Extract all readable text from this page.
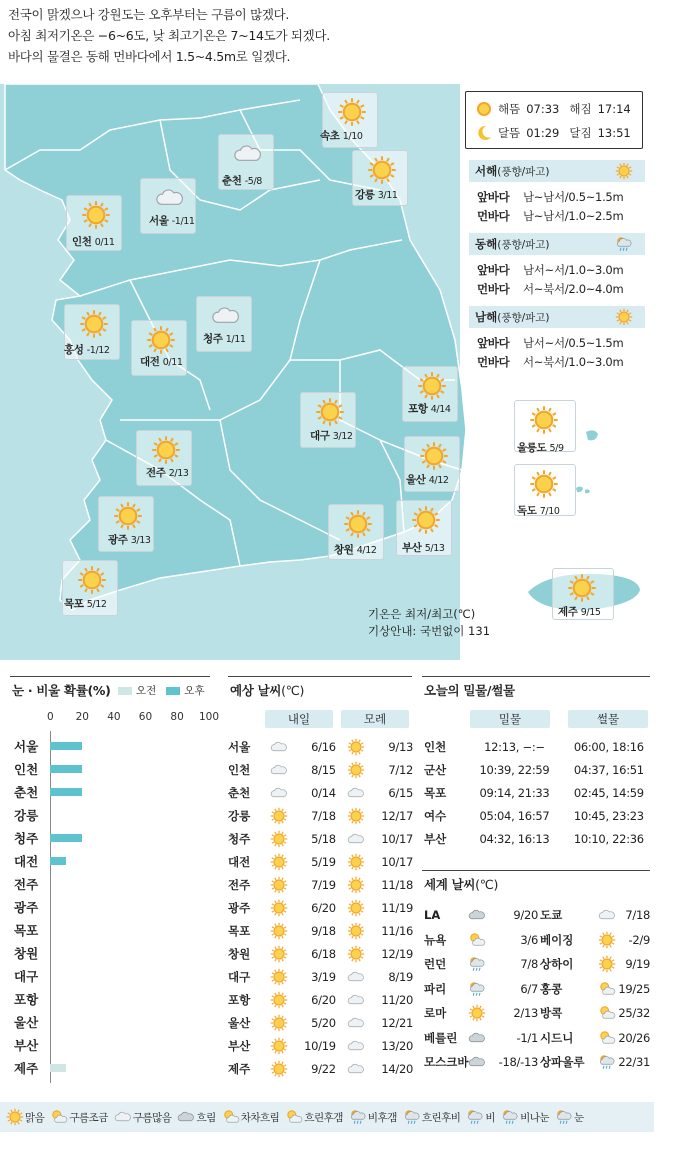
전국이 맑겠으나 강원도는 오후부터는 구름이 많겠다.
아침 최저기온은 −6~6도, 낮 최고기온은 7~14도가 되겠다.
바다의 물결은 동해 먼바다에서 1.5~4.5m로 일겠다.
속초 1/10
춘천 -5/8
강릉 3/11
서울 -1/11
인천 0/11
홍성 -1/12
대전 0/11
청주 1/11
포항 4/14
대구 3/12
전주 2/13
울산 4/12
광주 3/13
창원 4/12 부산 5/13
목포 5/12
울릉도 5/9
독도 7/10
제주 9/15
해뜸 07:33 해짐 17:14
달뜸 01:29 달짐 13:51
서해(풍향/파고)
앞바다	남~남서/0.5~1.5m
먼바다	남~남서/1.0~2.5m
동해(풍향/파고)
앞바다	남서~서/1.0~3.0m
먼바다	서~북서/2.0~4.0m
남해(풍향/파고)
앞바다	남서~서/0.5~1.5m
먼바다	서~북서/1.0~3.0m
기온은 최저/최고(℃)
기상안내: 국번없이 131
눈 · 비울 확률(%) 오전	오후
0 20 40 60 80 100
서울
인천
춘천
강릉
청주
대전
전주
광주
목포
창원
대구
포항
울산
부산
제주
예상 날씨(℃)
내일	모레
서울	6/16	9/13
인천	8/15	7/12
춘천	0/14	6/15
강릉	7/18	12/17
청주	5/18	10/17
대전	5/19	10/17
전주	7/19	11/18
광주	6/20	11/19
목포	9/18	11/16
창원	6/18	12/19
대구	3/19	8/19
포항	6/20	11/20
울산	5/20	12/21
부산	10/19	13/20
제주	9/22	14/20
오늘의 밀물/썰물
밀물	썰물
인천	12:13, −:−	06:00, 18:16
군산	10:39, 22:59	04:37, 16:51
목포	09:14, 21:33	02:45, 14:59
여수	05:04, 16:57	10:45, 23:23
부산	04:32, 16:13	10:10, 22:36
세계 날씨(℃)
LA	9/20 도쿄	7/18
뉴욕	3/6 베이징	-2/9
런던	7/8 상하이	9/19
파리	6/7 홍콩	19/25
로마	2/13 방콕	25/32
베를린	-1/1 시드니	20/26
모스크바	-18/-13 상파울루	22/31
맑음 구름조금 구름많음 흐림 차차흐림 흐린후갬 비후갬 흐린후비 비 비나눈 눈
